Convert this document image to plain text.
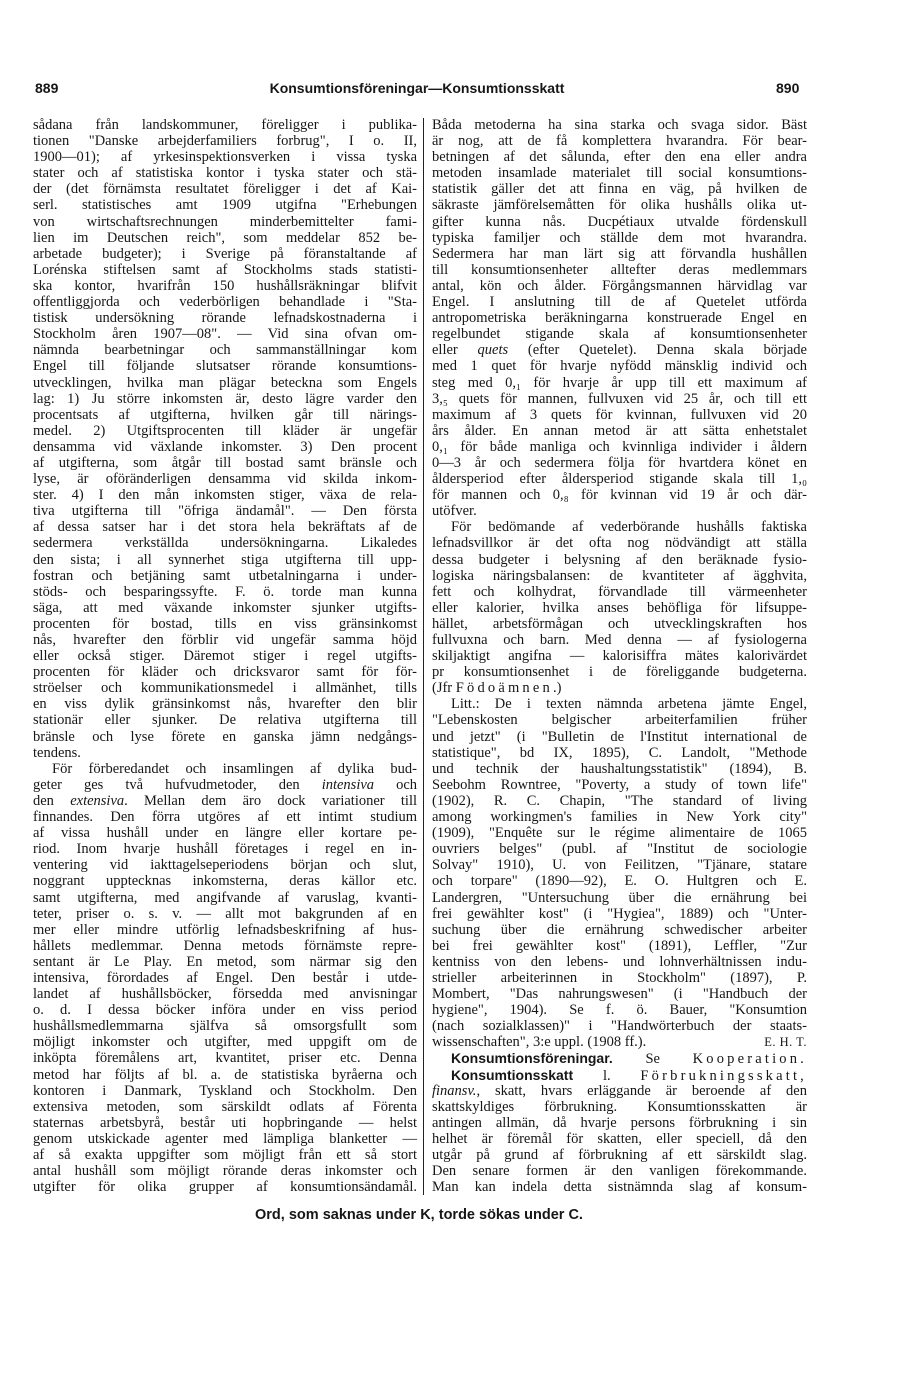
889	Konsumtionsföreningar—Konsumtionsskatt	890
sådana från landskommuner, föreligger i publika-
tionen "Danske arbejderfamiliers forbrug", I o. II,
1900—01); af yrkesinspektionsverken i vissa tyska
stater och af statistiska kontor i tyska stater och stä-
der (det förnämsta resultatet föreligger i det af Kai-
serl. statistisches amt 1909 utgifna "Erhebungen
von wirtschaftsrechnungen minderbemittelter fami-
lien im Deutschen reich", som meddelar 852 be-
arbetade budgeter); i Sverige på föranstaltande af
Lorénska stiftelsen samt af Stockholms stads statisti-
ska kontor, hvarifrån 150 hushållsräkningar blifvit
offentliggjorda och vederbörligen behandlade i "Sta-
tistisk undersökning rörande lefnadskostnaderna i
Stockholm åren 1907—08". — Vid sina ofvan om-
nämnda bearbetningar och sammanställningar kom
Engel till följande slutsatser rörande konsumtions-
utvecklingen, hvilka man plägar beteckna som Engels
lag: 1) Ju större inkomsten är, desto lägre varder den
procentsats af utgifterna, hvilken går till närings-
medel. 2) Utgiftsprocenten till kläder är ungefär
densamma vid växlande inkomster. 3) Den procent
af utgifterna, som åtgår till bostad samt bränsle och
lyse, är oföränderligen densamma vid skilda inkom-
ster. 4) I den mån inkomsten stiger, växa de rela-
tiva utgifterna till "öfriga ändamål". — Den första
af dessa satser har i det stora hela bekräftats af de
sedermera verkställda undersökningarna. Likaledes
den sista; i all synnerhet stiga utgifterna till upp-
fostran och betjäning samt utbetalningarna i under-
stöds- och besparingssyfte. F. ö. torde man kunna
säga, att med växande inkomster sjunker utgifts-
procenten för bostad, tills en viss gränsinkomst
nås, hvarefter den förblir vid ungefär samma höjd
eller också stiger. Däremot stiger i regel utgifts-
procenten för kläder och dricksvaror samt för för-
ströelser och kommunikationsmedel i allmänhet, tills
en viss dylik gränsinkomst nås, hvarefter den blir
stationär eller sjunker. De relativa utgifterna till
bränsle och lyse förete en ganska jämn nedgångs-
tendens.
För förberedandet och insamlingen af dylika bud-
geter ges två hufvudmetoder, den intensiva och
den extensiva. Mellan dem äro dock variationer till
finnandes. Den förra utgöres af ett intimt studium
af vissa hushåll under en längre eller kortare pe-
riod. Inom hvarje hushåll företages i regel en in-
ventering vid iakttagelseperiodens början och slut,
noggrant upptecknas inkomsterna, deras källor etc.
samt utgifterna, med angifvande af varuslag, kvanti-
teter, priser o. s. v. — allt mot bakgrunden af en
mer eller mindre utförlig lefnadsbeskrifning af hus-
hållets medlemmar. Denna metods förnämste repre-
sentant är Le Play. En metod, som närmar sig den
intensiva, förordades af Engel. Den består i utde-
landet af hushållsböcker, försedda med anvisningar
o. d. I dessa böcker införa under en viss period
hushållsmedlemmarna själfva så omsorgsfullt som
möjligt inkomster och utgifter, med uppgift om de
inköpta föremålens art, kvantitet, priser etc. Denna
metod har följts af bl. a. de statistiska byråerna och
kontoren i Danmark, Tyskland och Stockholm. Den
extensiva metoden, som särskildt odlats af Förenta
staternas arbetsbyrå, består uti hopbringande — helst
genom utskickade agenter med lämpliga blanketter —
af så exakta uppgifter som möjligt från ett så stort
antal hushåll som möjligt rörande deras inkomster och
utgifter för olika grupper af konsumtionsändamål.
Båda metoderna ha sina starka och svaga sidor. Bäst
är nog, att de få komplettera hvarandra. För bear-
betningen af det sålunda, efter den ena eller andra
metoden insamlade materialet till social konsumtions-
statistik gäller det att finna en väg, på hvilken de
säkraste jämförelsemåtten för olika hushålls olika ut-
gifter kunna nås. Ducpétiaux utvalde fördenskull
typiska familjer och ställde dem mot hvarandra.
Sedermera har man lärt sig att förvandla hushållen
till konsumtionsenheter alltefter deras medlemmars
antal, kön och ålder. Förgångsmannen härvidlag var
Engel. I anslutning till de af Quetelet utförda
antropometriska beräkningarna konstruerade Engel en
regelbundet stigande skala af konsumtionsenheter
eller quets (efter Quetelet). Denna skala började
med 1 quet för hvarje nyfödd mänsklig individ och
steg med 0,₁ för hvarje år upp till ett maximum af
3,₅ quets för mannen, fullvuxen vid 25 år, och till ett
maximum af 3 quets för kvinnan, fullvuxen vid 20
års ålder. En annan metod är att sätta enhetstalet
0,₁ för både manliga och kvinnliga individer i åldern
0—3 år och sedermera följa för hvartdera könet en
åldersperiod efter åldersperiod stigande skala till 1,₀
för mannen och 0,₈ för kvinnan vid 19 år och där-
utöfver.
För bedömande af vederbörande hushålls faktiska
lefnadsvillkor är det ofta nog nödvändigt att ställa
dessa budgeter i belysning af den beräknade fysio-
logiska näringsbalansen: de kvantiteter af ägghvita,
fett och kolhydrat, förvandlade till värmeenheter
eller kalorier, hvilka anses behöfliga för lifsuppe-
hället, arbetsförmågan och utvecklingskraften hos
fullvuxna och barn. Med denna — af fysiologerna
skiljaktigt angifna — kalorisiffra mätes kalorivärdet
pr konsumtionsenhet i de föreliggande budgeterna.
(Jfr Födoämnen.)
Litt.: De i texten nämnda arbetena jämte Engel,
"Lebenskosten belgischer arbeiterfamilien früher
und jetzt" (i "Bulletin de l'Institut international de
statistique", bd IX, 1895), C. Landolt, "Methode
und technik der haushaltungsstatistik" (1894), B.
Seebohm Rowntree, "Poverty, a study of town life"
(1902), R. C. Chapin, "The standard of living
among workingmen's families in New York city"
(1909), "Enquête sur le régime alimentaire de 1065
ouvriers belges" (publ. af "Institut de sociologie
Solvay" 1910), U. von Feilitzen, "Tjänare, statare
och torpare" (1890—92), E. O. Hultgren och E.
Landergren, "Untersuchung über die ernährung bei
frei gewählter kost" (i "Hygiea", 1889) och "Unter-
suchung über die ernährung schwedischer arbeiter
bei frei gewählter kost" (1891), Leffler, "Zur
kentniss von den lebens- und lohnverhältnissen indu-
strieller arbeiterinnen in Stockholm" (1897), P.
Mombert, "Das nahrungswesen" (i "Handbuch der
hygiene", 1904). Se f. ö. Bauer, "Konsumtion
(nach sozialklassen)" i "Handwörterbuch der staats-
wissenschaften", 3:e uppl. (1908 ff.).	E. H. T.
Konsumtionsföreningar. Se Kooperation.
Konsumtionsskatt l. Förbrukningsskatt,
finansv., skatt, hvars erläggande är beroende af den
skattskyldiges förbrukning. Konsumtionsskatten är
antingen allmän, då hvarje persons förbrukning i sin
helhet är föremål för skatten, eller speciell, då den
utgår på grund af förbrukning af ett särskildt slag.
Den senare formen är den vanligen förekommande.
Man kan indela detta sistnämnda slag af konsum-
Ord, som saknas under K, torde sökas under C.
